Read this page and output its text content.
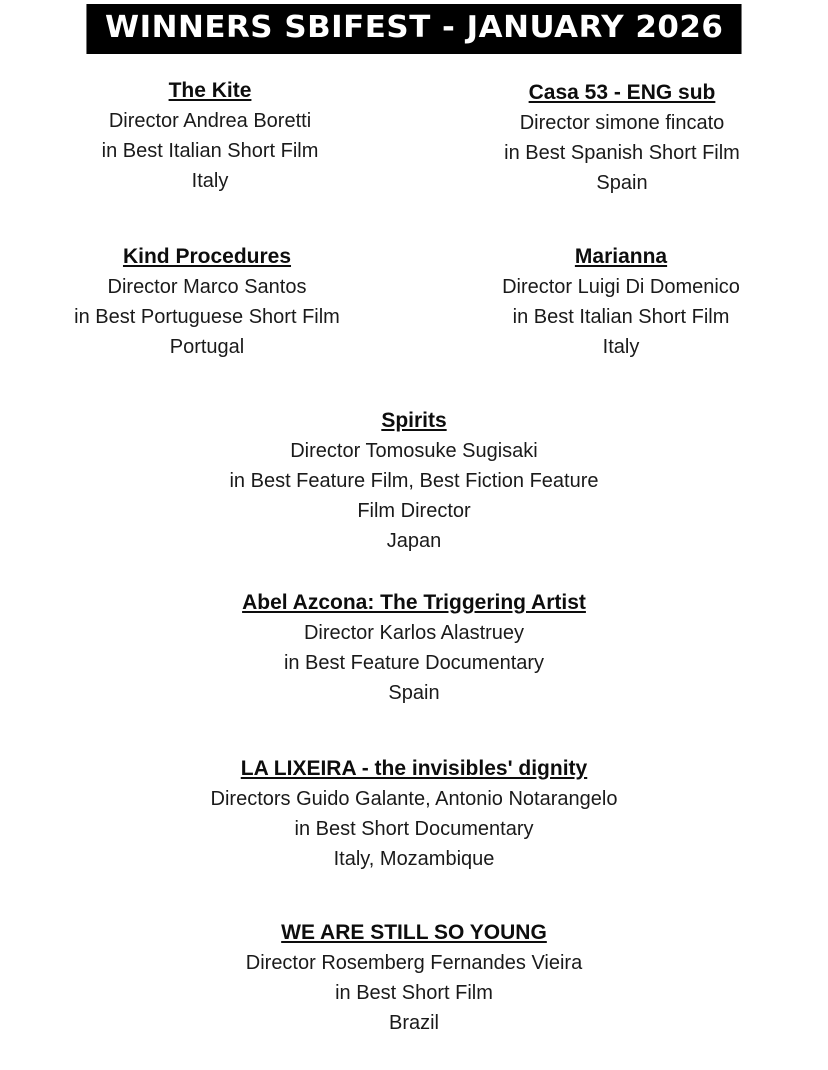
WINNERS SBIFEST - JANUARY 2026
The Kite
Director Andrea Boretti
in Best Italian Short Film
Italy
Casa 53 - ENG sub
Director simone fincato
in Best Spanish Short Film
Spain
Kind Procedures
Director Marco Santos
in Best Portuguese Short Film
Portugal
Marianna
Director Luigi Di Domenico
in Best Italian Short Film
Italy
Spirits
Director Tomosuke Sugisaki
in Best Feature Film, Best Fiction Feature
Film Director
Japan
Abel Azcona: The Triggering Artist
Director Karlos Alastruey
in Best Feature Documentary
Spain
LA LIXEIRA - the invisibles' dignity
Directors Guido Galante, Antonio Notarangelo
in Best Short Documentary
Italy, Mozambique
WE ARE STILL SO YOUNG
Director Rosemberg Fernandes Vieira
in Best Short Film
Brazil
